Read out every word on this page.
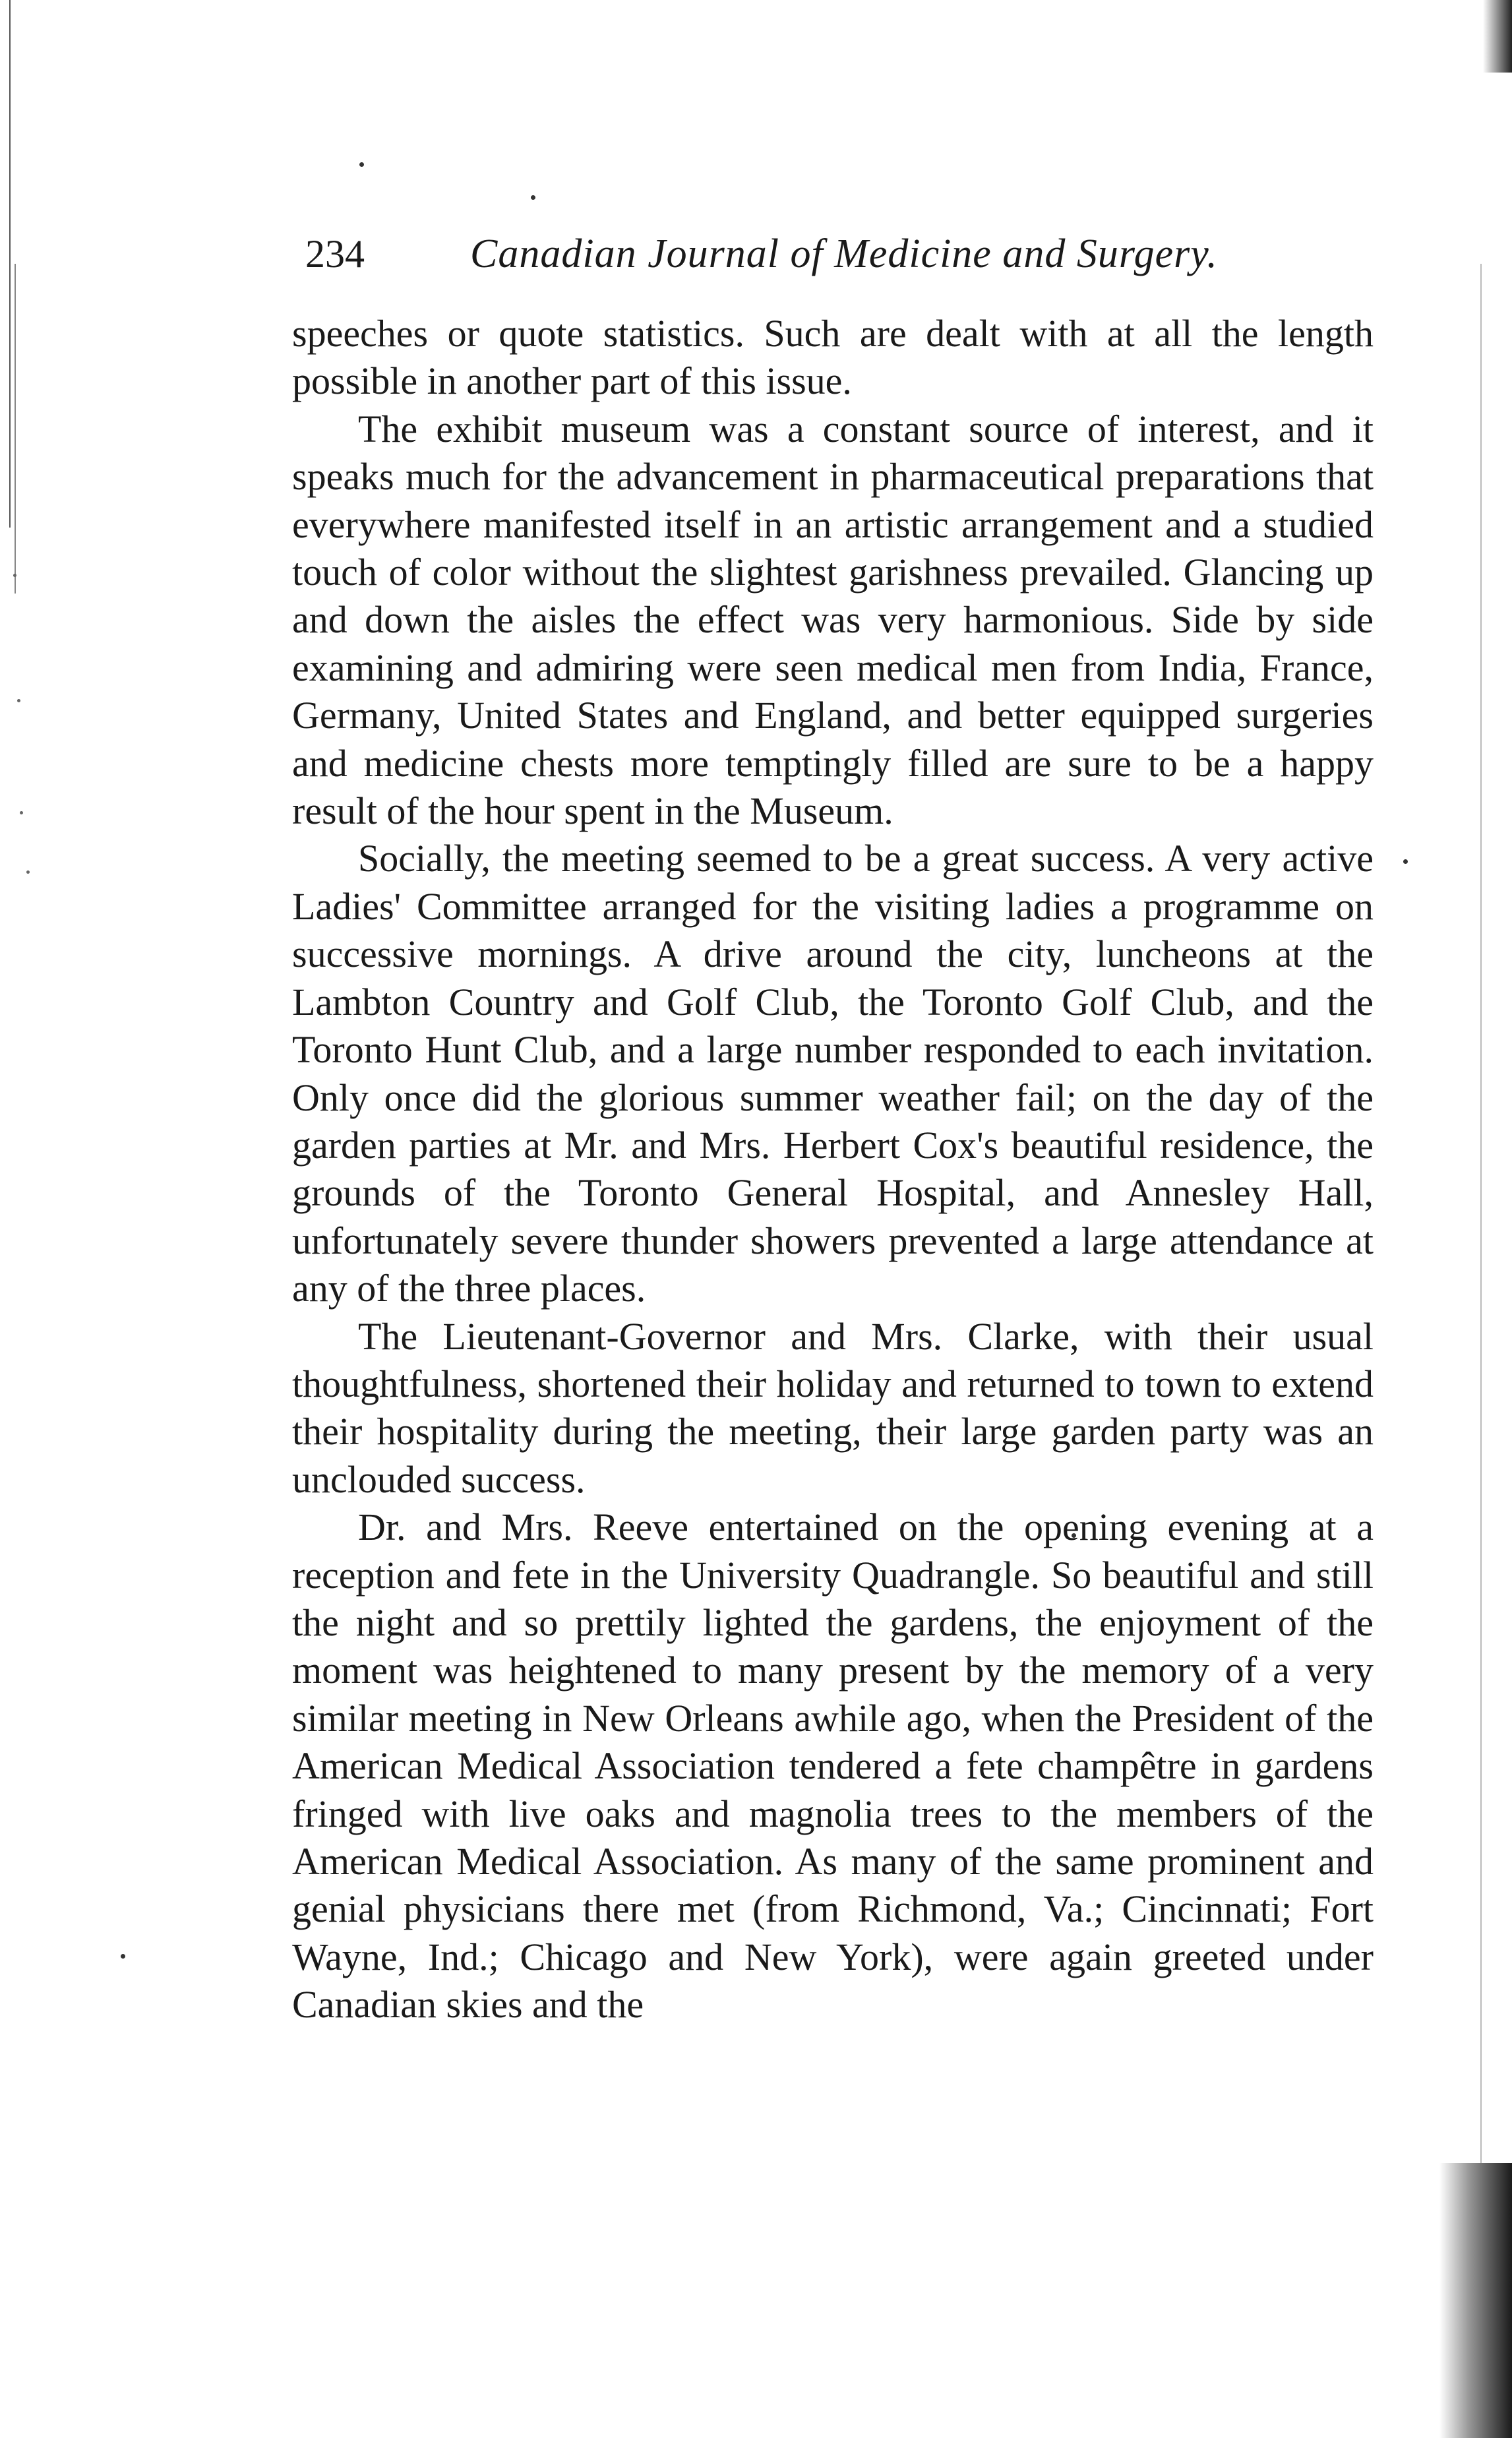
234	Canadian Journal of Medicine and Surgery.

speeches or quote statistics. Such are dealt with at all the length possible in another part of this issue.

The exhibit museum was a constant source of interest, and it speaks much for the advancement in pharmaceutical preparations that everywhere manifested itself in an artistic arrangement and a studied touch of color without the slightest garishness prevailed. Glancing up and down the aisles the effect was very harmonious. Side by side examining and admiring were seen medical men from India, France, Germany, United States and England, and better equipped surgeries and medicine chests more temptingly filled are sure to be a happy result of the hour spent in the Museum.

Socially, the meeting seemed to be a great success. A very active Ladies' Committee arranged for the visiting ladies a programme on successive mornings. A drive around the city, luncheons at the Lambton Country and Golf Club, the Toronto Golf Club, and the Toronto Hunt Club, and a large number responded to each invitation. Only once did the glorious summer weather fail; on the day of the garden parties at Mr. and Mrs. Herbert Cox's beautiful residence, the grounds of the Toronto General Hospital, and Annesley Hall, unfortunately severe thunder showers prevented a large attendance at any of the three places.

The Lieutenant-Governor and Mrs. Clarke, with their usual thoughtfulness, shortened their holiday and returned to town to extend their hospitality during the meeting, their large garden party was an unclouded success.

Dr. and Mrs. Reeve entertained on the opening evening at a reception and fete in the University Quadrangle. So beautiful and still the night and so prettily lighted the gardens, the enjoyment of the moment was heightened to many present by the memory of a very similar meeting in New Orleans awhile ago, when the President of the American Medical Association tendered a fete champêtre in gardens fringed with live oaks and magnolia trees to the members of the American Medical Association. As many of the same prominent and genial physicians there met (from Richmond, Va.; Cincinnati; Fort Wayne, Ind.; Chicago and New York), were again greeted under Canadian skies and the
